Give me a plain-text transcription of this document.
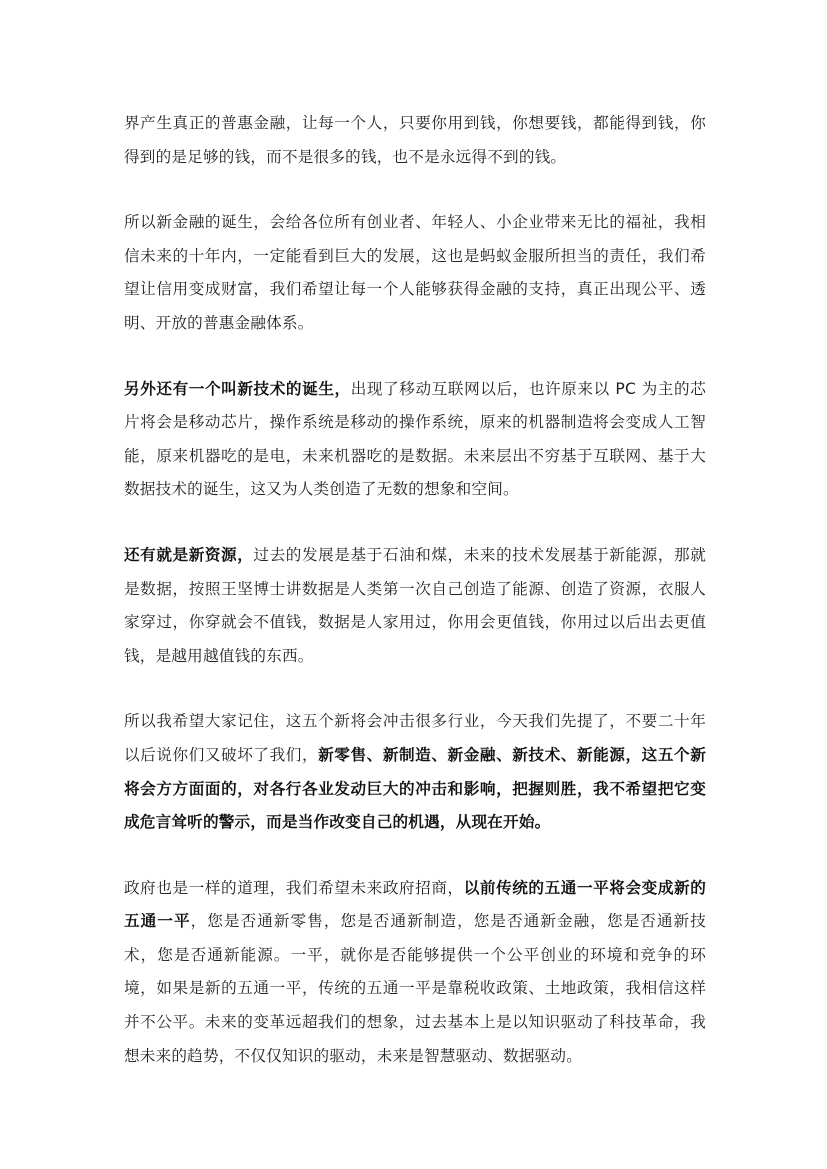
界产生真正的普惠金融，让每一个人，只要你用到钱，你想要钱，都能得到钱，你得到的是足够的钱，而不是很多的钱，也不是永远得不到的钱。

所以新金融的诞生，会给各位所有创业者、年轻人、小企业带来无比的福祉，我相信未来的十年内，一定能看到巨大的发展，这也是蚂蚁金服所担当的责任，我们希望让信用变成财富，我们希望让每一个人能够获得金融的支持，真正出现公平、透明、开放的普惠金融体系。

另外还有一个叫新技术的诞生，出现了移动互联网以后，也许原来以 PC 为主的芯片将会是移动芯片，操作系统是移动的操作系统，原来的机器制造将会变成人工智能，原来机器吃的是电，未来机器吃的是数据。未来层出不穷基于互联网、基于大数据技术的诞生，这又为人类创造了无数的想象和空间。

还有就是新资源，过去的发展是基于石油和煤，未来的技术发展基于新能源，那就是数据，按照王坚博士讲数据是人类第一次自己创造了能源、创造了资源，衣服人家穿过，你穿就会不值钱，数据是人家用过，你用会更值钱，你用过以后出去更值钱，是越用越值钱的东西。

所以我希望大家记住，这五个新将会冲击很多行业，今天我们先提了，不要二十年以后说你们又破坏了我们，新零售、新制造、新金融、新技术、新能源，这五个新将会方方面面的，对各行各业发动巨大的冲击和影响，把握则胜，我不希望把它变成危言耸听的警示，而是当作改变自己的机遇，从现在开始。

政府也是一样的道理，我们希望未来政府招商，以前传统的五通一平将会变成新的五通一平，您是否通新零售，您是否通新制造，您是否通新金融，您是否通新技术，您是否通新能源。一平，就你是否能够提供一个公平创业的环境和竞争的环境，如果是新的五通一平，传统的五通一平是靠税收政策、土地政策，我相信这样并不公平。未来的变革远超我们的想象，过去基本上是以知识驱动了科技革命，我想未来的趋势，不仅仅知识的驱动，未来是智慧驱动、数据驱动。
